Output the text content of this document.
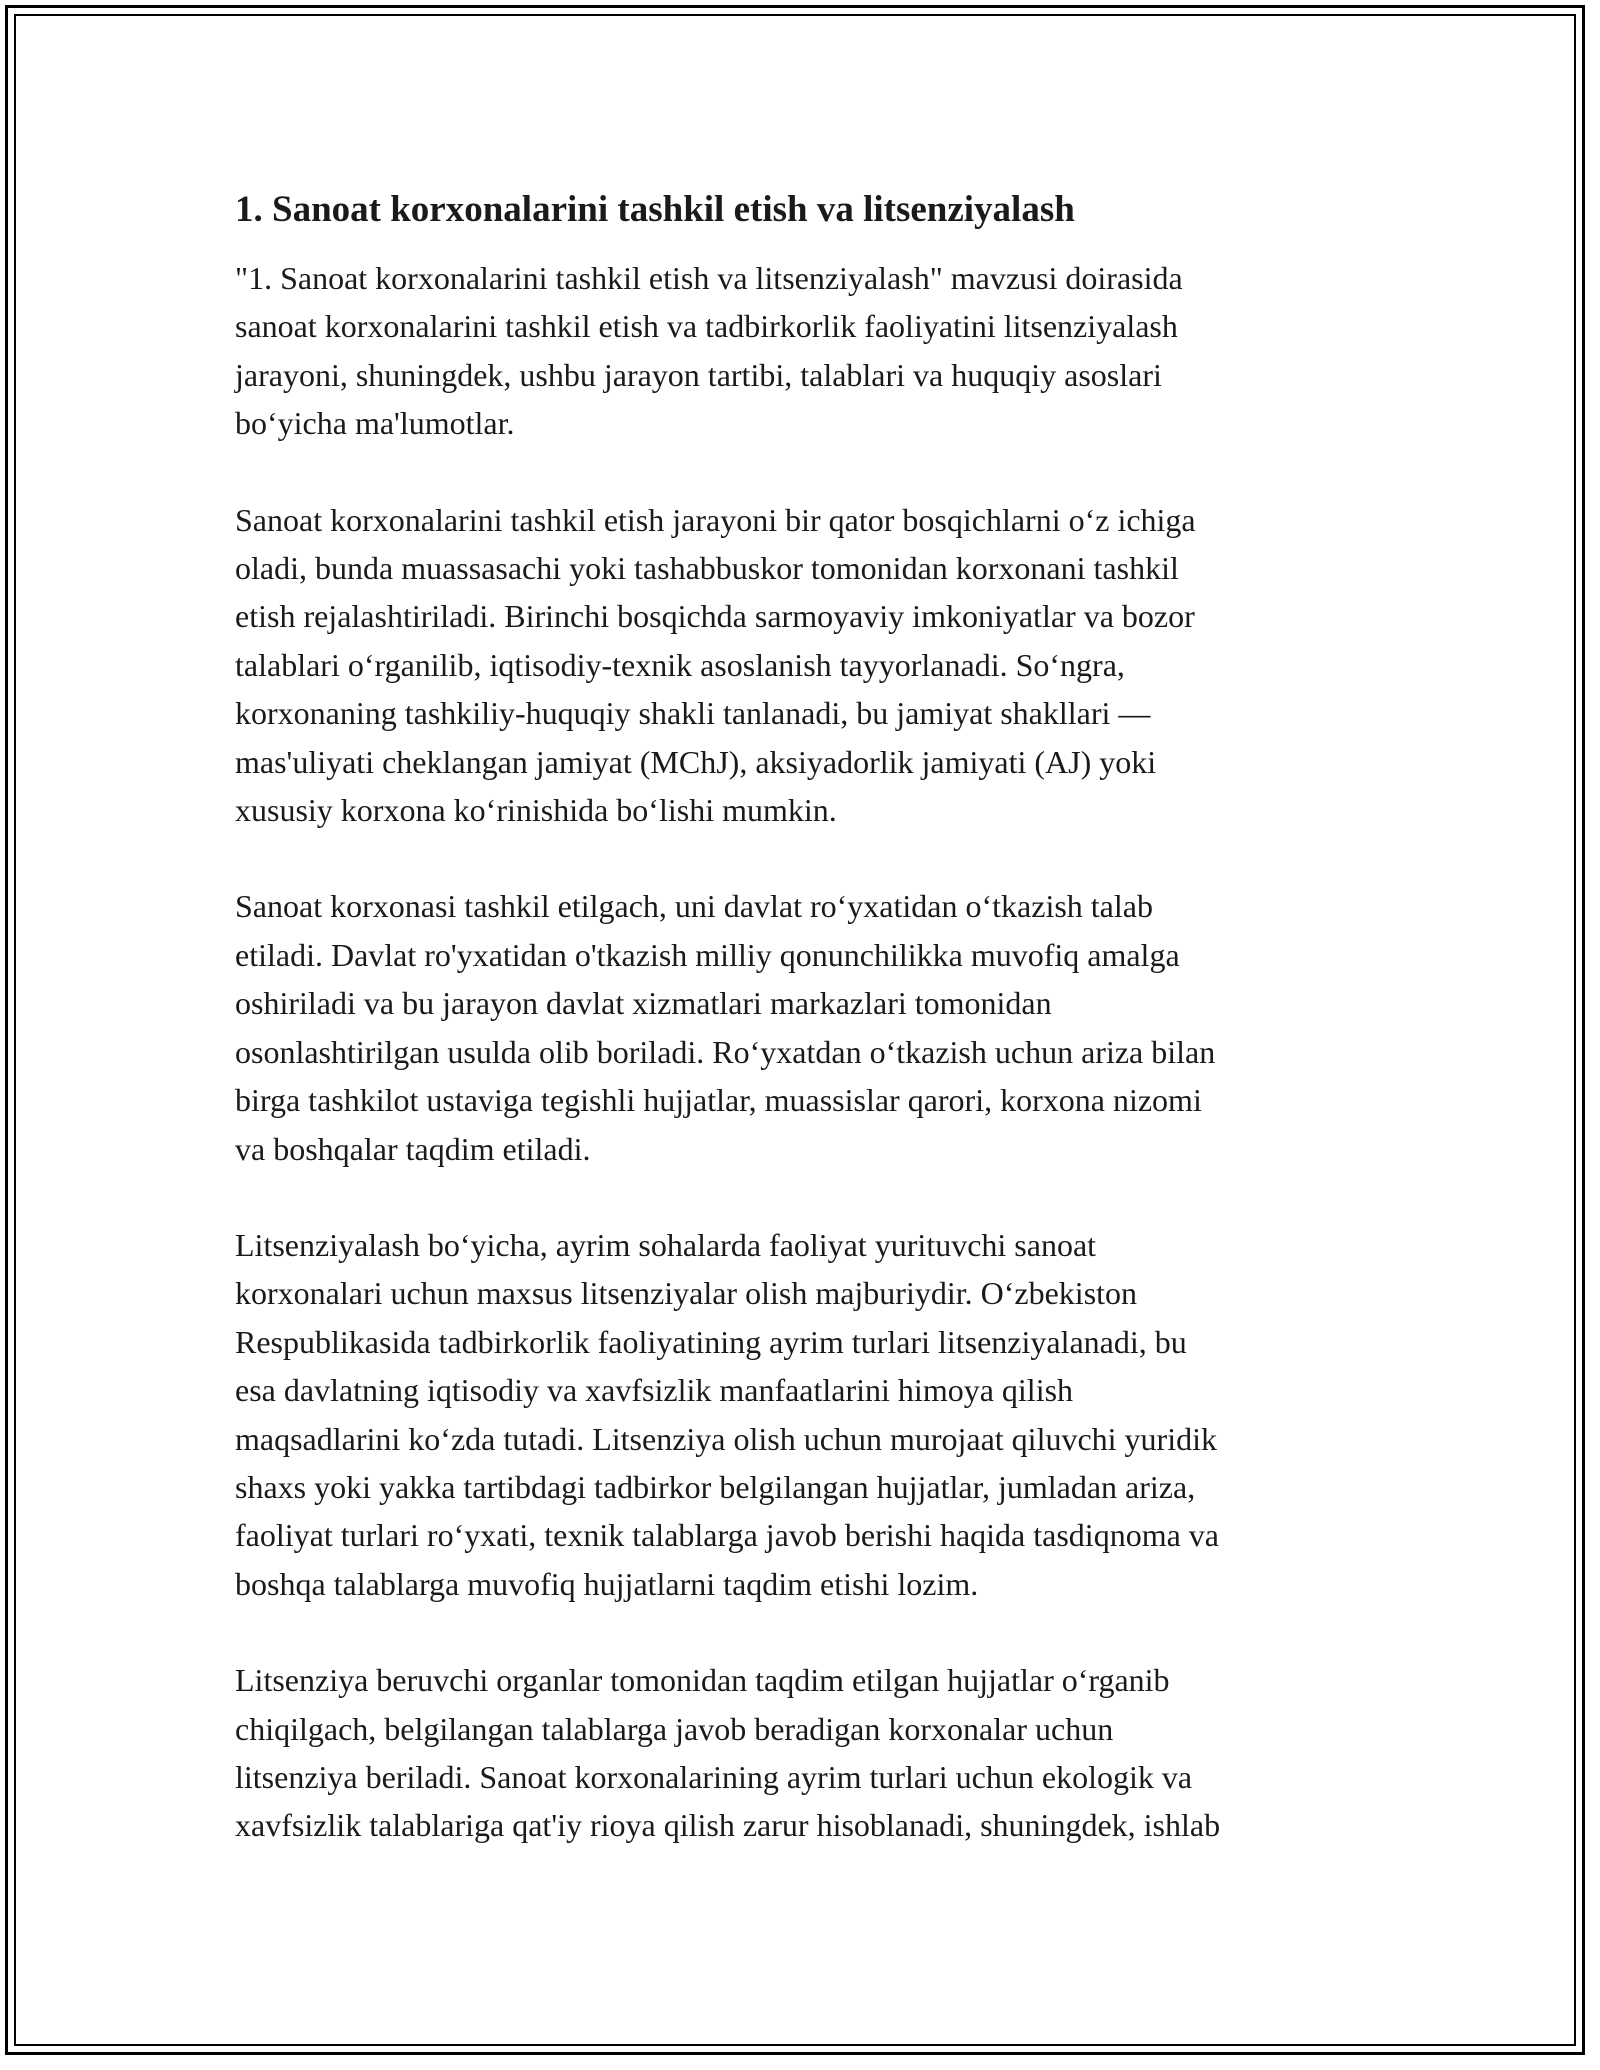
1. Sanoat korxonalarini tashkil etish va litsenziyalash

"1. Sanoat korxonalarini tashkil etish va litsenziyalash" mavzusi doirasida
sanoat korxonalarini tashkil etish va tadbirkorlik faoliyatini litsenziyalash
jarayoni, shuningdek, ushbu jarayon tartibi, talablari va huquqiy asoslari
bo‘yicha ma'lumotlar.

Sanoat korxonalarini tashkil etish jarayoni bir qator bosqichlarni o‘z ichiga
oladi, bunda muassasachi yoki tashabbuskor tomonidan korxonani tashkil
etish rejalashtiriladi. Birinchi bosqichda sarmoyaviy imkoniyatlar va bozor
talablari o‘rganilib, iqtisodiy-texnik asoslanish tayyorlanadi. So‘ngra,
korxonaning tashkiliy-huquqiy shakli tanlanadi, bu jamiyat shakllari —
mas'uliyati cheklangan jamiyat (MChJ), aksiyadorlik jamiyati (AJ) yoki
xususiy korxona ko‘rinishida bo‘lishi mumkin.

Sanoat korxonasi tashkil etilgach, uni davlat ro‘yxatidan o‘tkazish talab
etiladi. Davlat ro'yxatidan o'tkazish milliy qonunchilikka muvofiq amalga
oshiriladi va bu jarayon davlat xizmatlari markazlari tomonidan
osonlashtirilgan usulda olib boriladi. Ro‘yxatdan o‘tkazish uchun ariza bilan
birga tashkilot ustaviga tegishli hujjatlar, muassislar qarori, korxona nizomi
va boshqalar taqdim etiladi.

Litsenziyalash bo‘yicha, ayrim sohalarda faoliyat yurituvchi sanoat
korxonalari uchun maxsus litsenziyalar olish majburiydir. O‘zbekiston
Respublikasida tadbirkorlik faoliyatining ayrim turlari litsenziyalanadi, bu
esa davlatning iqtisodiy va xavfsizlik manfaatlarini himoya qilish
maqsadlarini ko‘zda tutadi. Litsenziya olish uchun murojaat qiluvchi yuridik
shaxs yoki yakka tartibdagi tadbirkor belgilangan hujjatlar, jumladan ariza,
faoliyat turlari ro‘yxati, texnik talablarga javob berishi haqida tasdiqnoma va
boshqa talablarga muvofiq hujjatlarni taqdim etishi lozim.

Litsenziya beruvchi organlar tomonidan taqdim etilgan hujjatlar o‘rganib
chiqilgach, belgilangan talablarga javob beradigan korxonalar uchun
litsenziya beriladi. Sanoat korxonalarining ayrim turlari uchun ekologik va
xavfsizlik talablariga qat'iy rioya qilish zarur hisoblanadi, shuningdek, ishlab
